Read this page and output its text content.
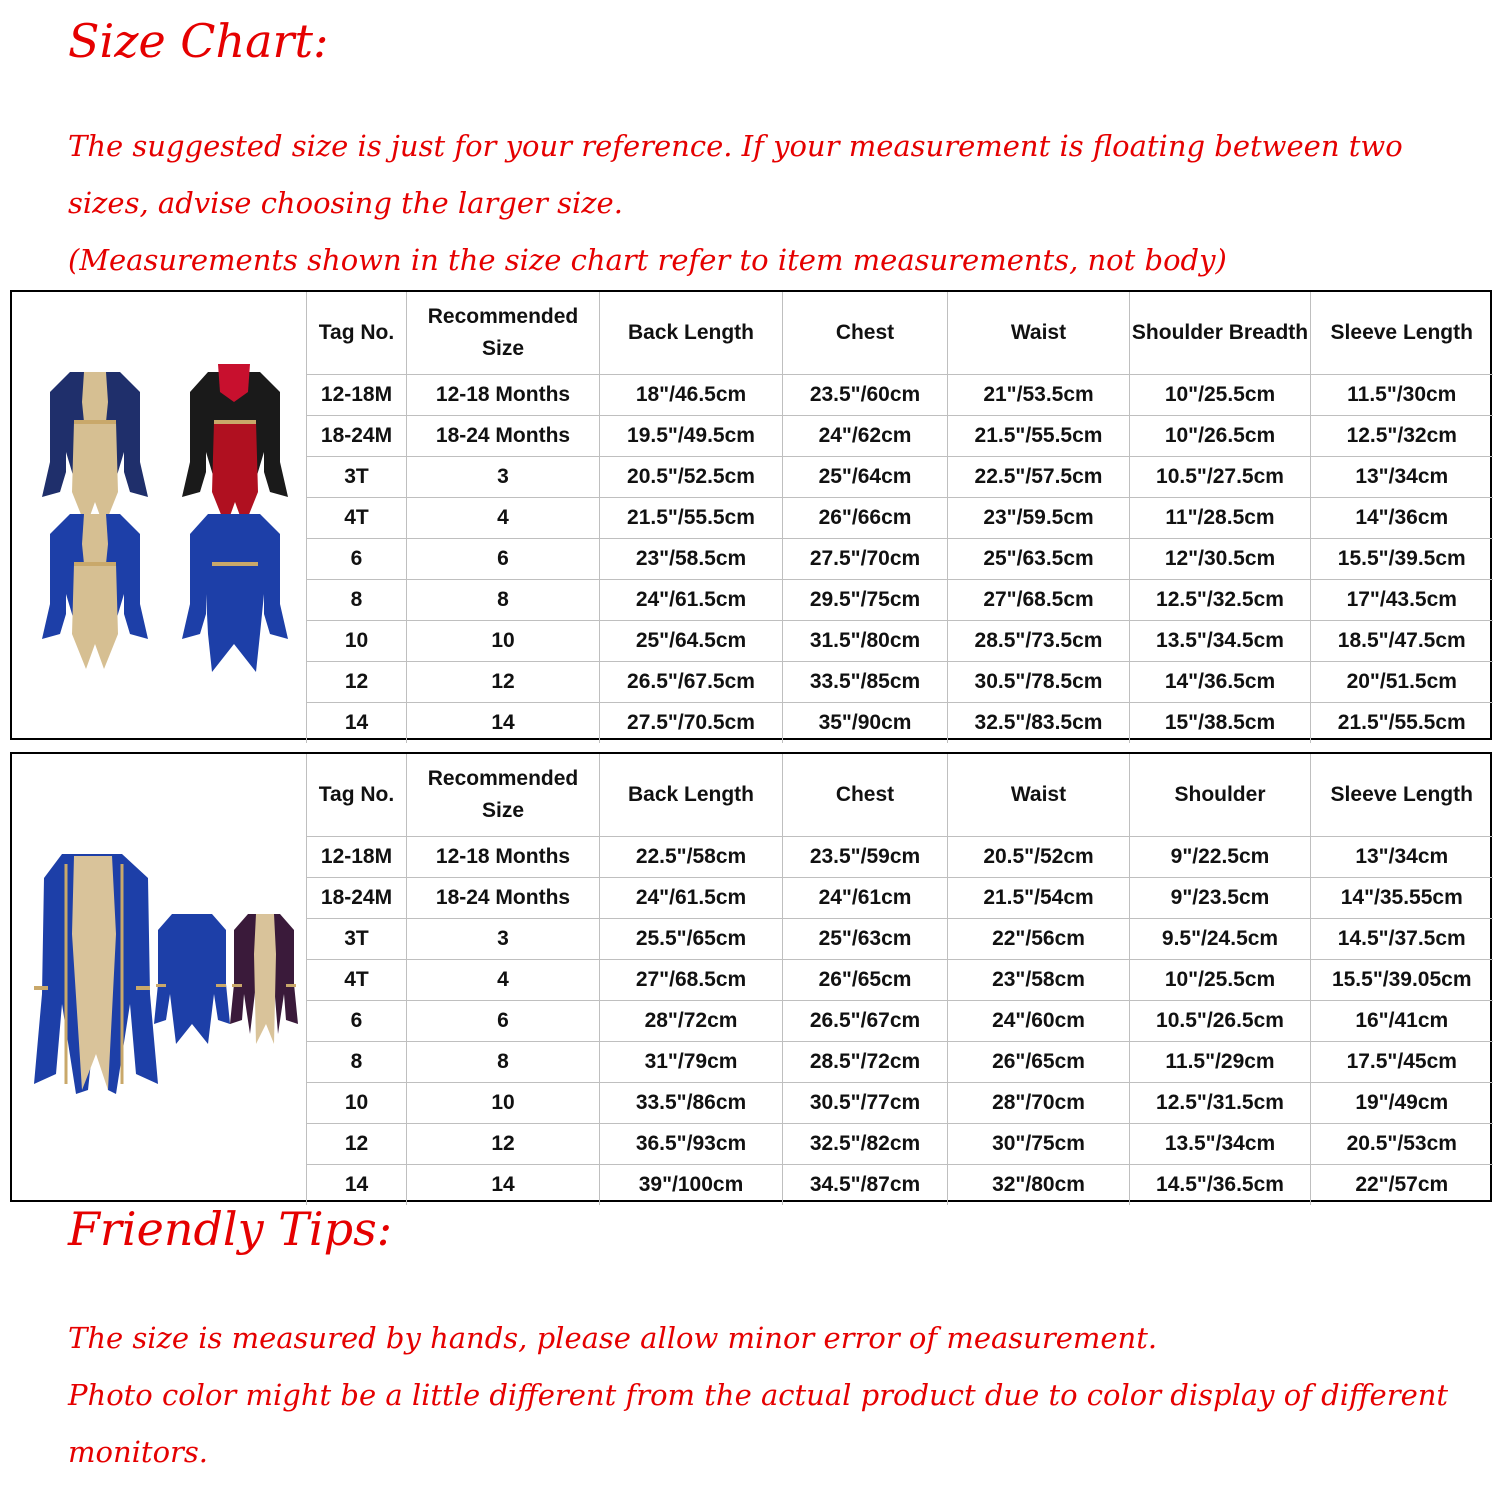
Size Chart:

The suggested size is just for your reference. If your measurement is floating between two sizes, advise choosing the larger size.

(Measurements shown in the size chart refer to item measurements, not body)

Tag No.	Recommended Size	Back Length	Chest	Waist	Shoulder Breadth	Sleeve Length
12-18M	12-18 Months	18"/46.5cm	23.5"/60cm	21"/53.5cm	10"/25.5cm	11.5"/30cm
18-24M	18-24 Months	19.5"/49.5cm	24"/62cm	21.5"/55.5cm	10"/26.5cm	12.5"/32cm
3T	3	20.5"/52.5cm	25"/64cm	22.5"/57.5cm	10.5"/27.5cm	13"/34cm
4T	4	21.5"/55.5cm	26"/66cm	23"/59.5cm	11"/28.5cm	14"/36cm
6	6	23"/58.5cm	27.5"/70cm	25"/63.5cm	12"/30.5cm	15.5"/39.5cm
8	8	24"/61.5cm	29.5"/75cm	27"/68.5cm	12.5"/32.5cm	17"/43.5cm
10	10	25"/64.5cm	31.5"/80cm	28.5"/73.5cm	13.5"/34.5cm	18.5"/47.5cm
12	12	26.5"/67.5cm	33.5"/85cm	30.5"/78.5cm	14"/36.5cm	20"/51.5cm
14	14	27.5"/70.5cm	35"/90cm	32.5"/83.5cm	15"/38.5cm	21.5"/55.5cm
Tag No.	Recommended Size	Back Length	Chest	Waist	Shoulder	Sleeve Length
12-18M	12-18 Months	22.5"/58cm	23.5"/59cm	20.5"/52cm	9"/22.5cm	13"/34cm
18-24M	18-24 Months	24"/61.5cm	24"/61cm	21.5"/54cm	9"/23.5cm	14"/35.55cm
3T	3	25.5"/65cm	25"/63cm	22"/56cm	9.5"/24.5cm	14.5"/37.5cm
4T	4	27"/68.5cm	26"/65cm	23"/58cm	10"/25.5cm	15.5"/39.05cm
6	6	28"/72cm	26.5"/67cm	24"/60cm	10.5"/26.5cm	16"/41cm
8	8	31"/79cm	28.5"/72cm	26"/65cm	11.5"/29cm	17.5"/45cm
10	10	33.5"/86cm	30.5"/77cm	28"/70cm	12.5"/31.5cm	19"/49cm
12	12	36.5"/93cm	32.5"/82cm	30"/75cm	13.5"/34cm	20.5"/53cm
14	14	39"/100cm	34.5"/87cm	32"/80cm	14.5"/36.5cm	22"/57cm
Friendly Tips:

The size is measured by hands, please allow minor error of measurement.

Photo color might be a little different from the actual product due to color display of different monitors.
